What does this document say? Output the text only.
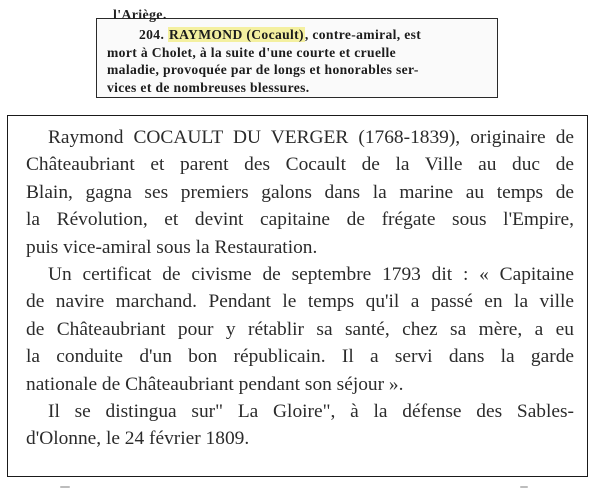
l'Ariège.
204. RAYMOND (Cocault), contre-amiral, est
mort à Cholet, à la suite d'une courte et cruelle
maladie, provoquée par de longs et honorables ser-
vices et de nombreuses blessures.
Raymond COCAULT DU VERGER (1768-1839), originaire de
Châteaubriant et parent des Cocault de la Ville au duc de
Blain, gagna ses premiers galons dans la marine au temps de
la Révolution, et devint capitaine de frégate sous l'Empire,
puis vice-amiral sous la Restauration.
Un certificat de civisme de septembre 1793 dit : « Capitaine
de navire marchand. Pendant le temps qu'il a passé en la ville
de Châteaubriant pour y rétablir sa santé, chez sa mère, a eu
la conduite d'un bon républicain. Il a servi dans la garde
nationale de Châteaubriant pendant son séjour ».
Il se distingua sur" La Gloire", à la défense des Sables-
d'Olonne, le 24 février 1809.
